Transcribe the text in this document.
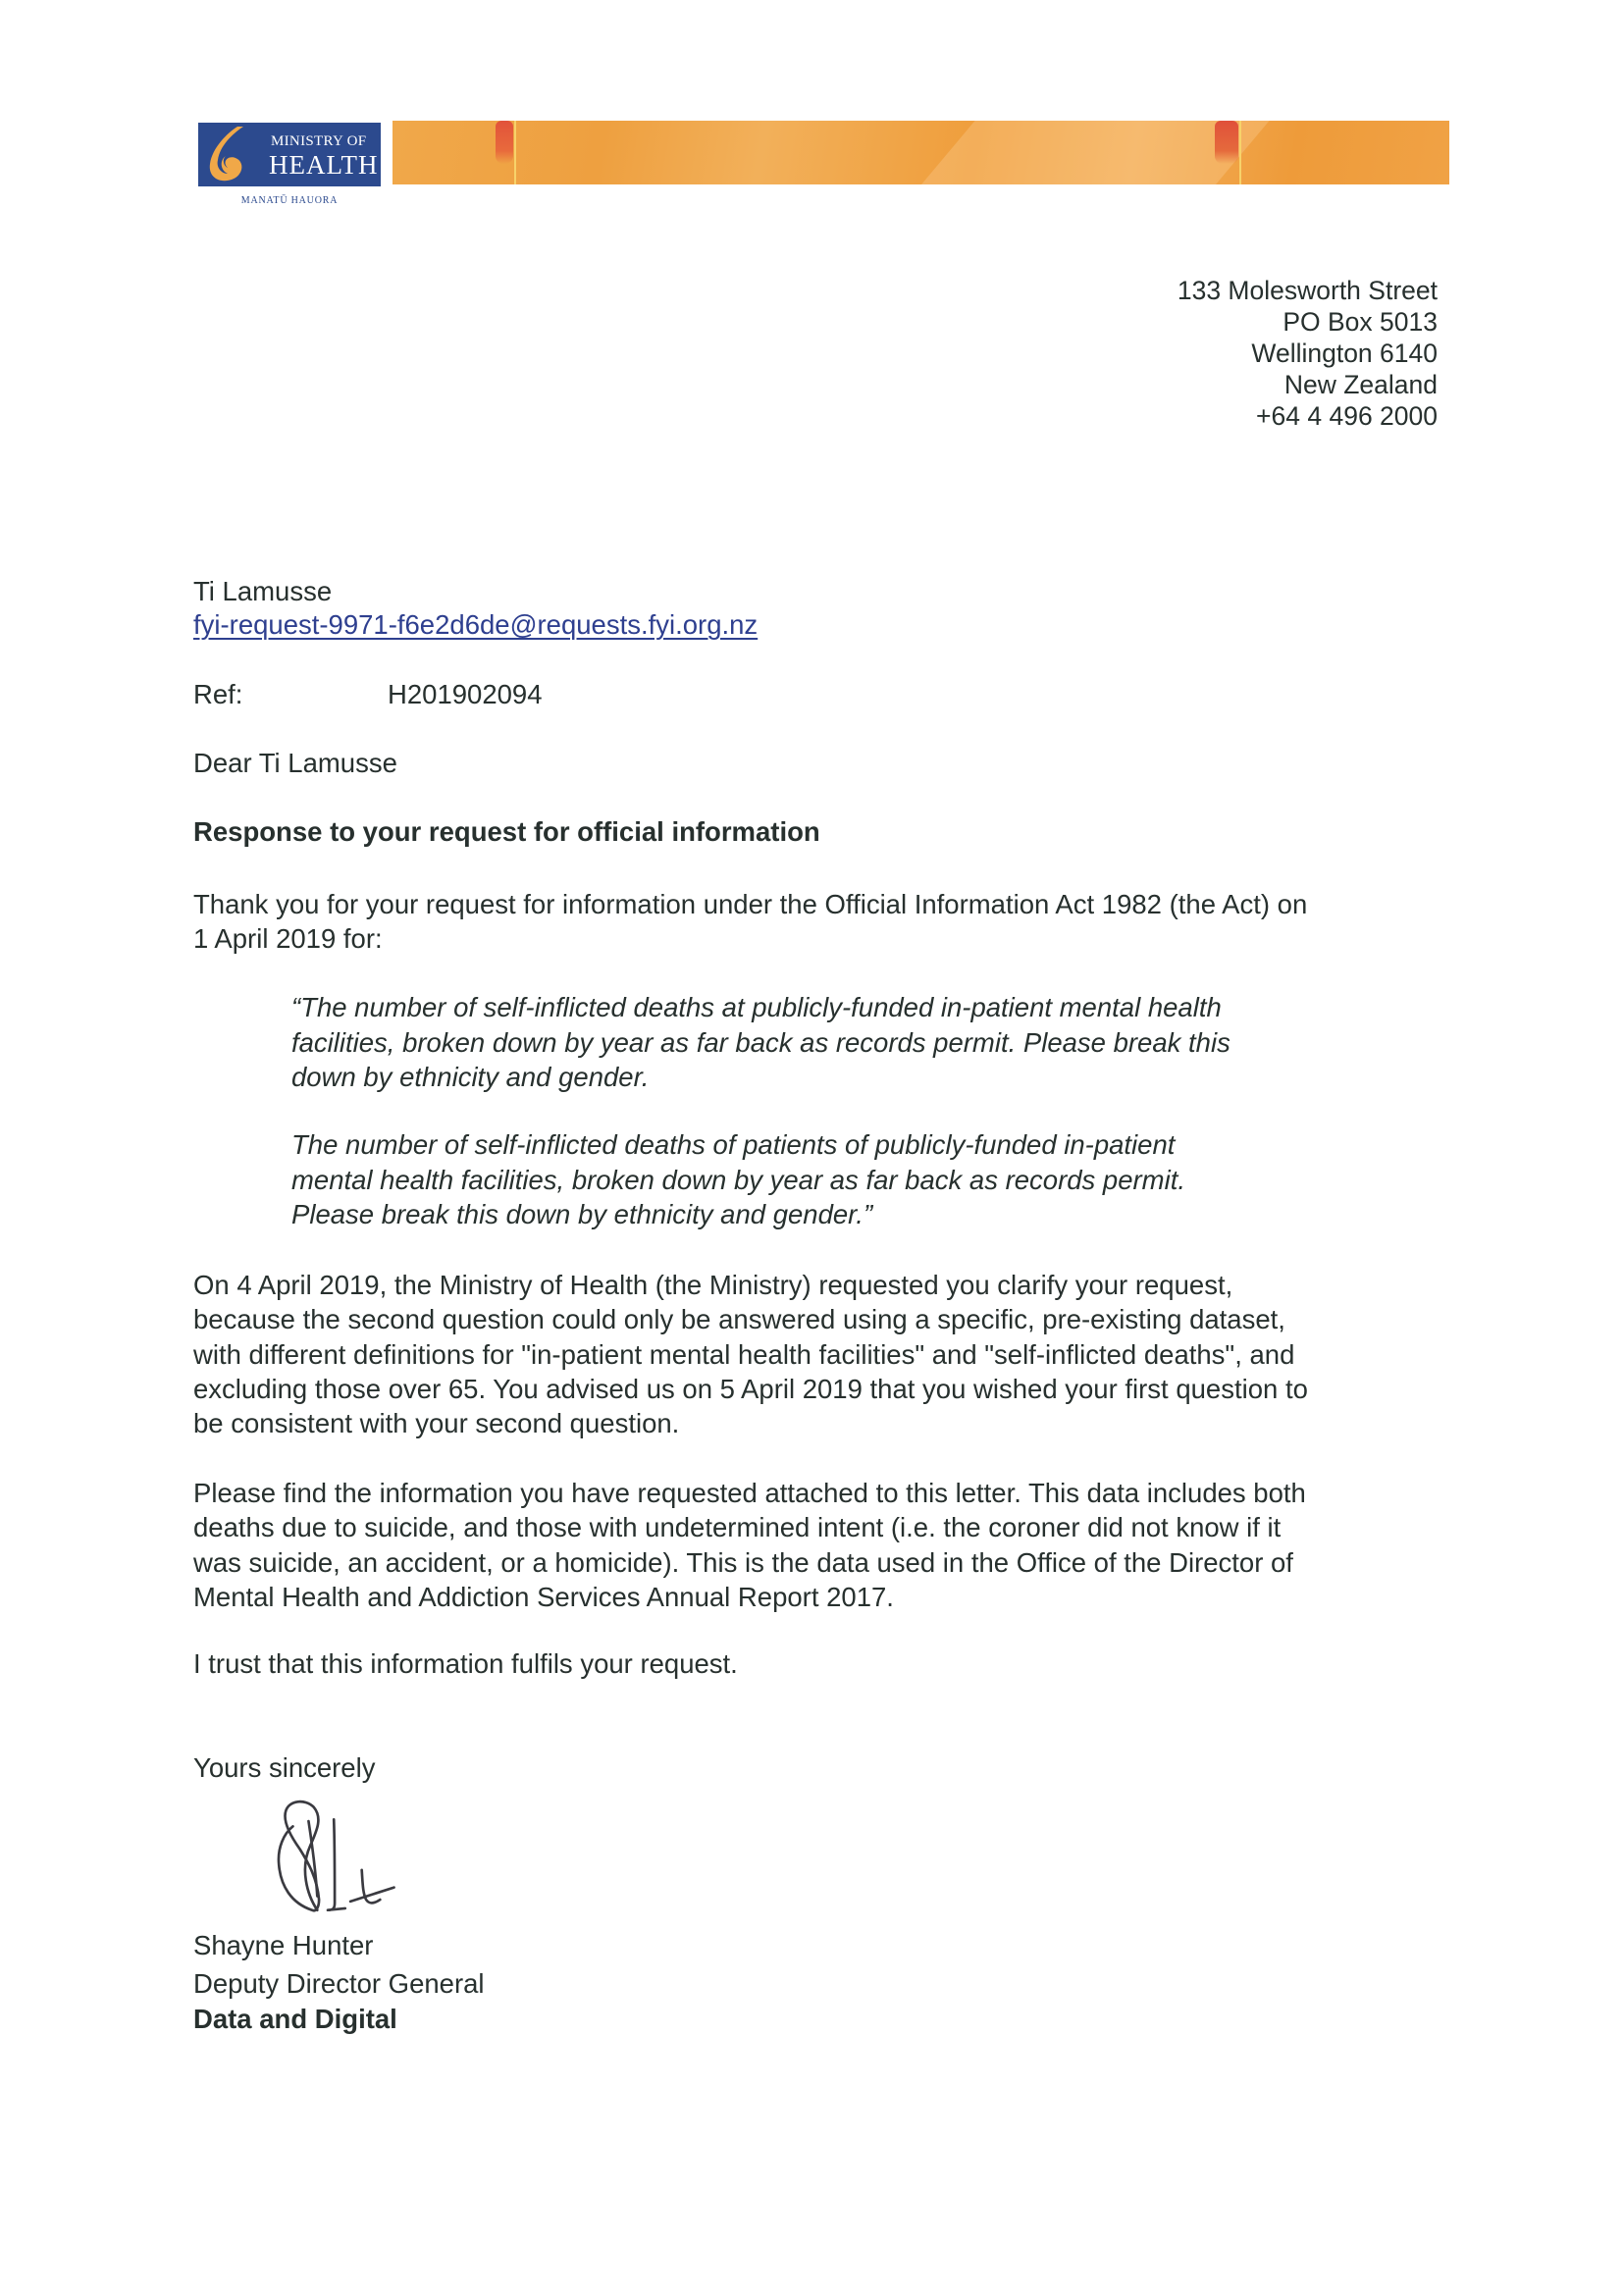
MINISTRY OF
HEALTH
MANATŪ HAUORA
133 Molesworth Street
PO Box 5013
Wellington 6140
New Zealand
+64 4 496 2000
Ti Lamusse
fyi-request-9971-f6e2d6de@requests.fyi.org.nz
Ref:	H201902094
Dear Ti Lamusse
Response to your request for official information
Thank you for your request for information under the Official Information Act 1982 (the Act) on
1 April 2019 for:
“The number of self-inflicted deaths at publicly-funded in-patient mental health
facilities, broken down by year as far back as records permit. Please break this
down by ethnicity and gender.
The number of self-inflicted deaths of patients of publicly-funded in-patient
mental health facilities, broken down by year as far back as records permit.
Please break this down by ethnicity and gender.”
On 4 April 2019, the Ministry of Health (the Ministry) requested you clarify your request,
because the second question could only be answered using a specific, pre-existing dataset,
with different definitions for "in-patient mental health facilities" and "self-inflicted deaths", and
excluding those over 65. You advised us on 5 April 2019 that you wished your first question to
be consistent with your second question.
Please find the information you have requested attached to this letter. This data includes both
deaths due to suicide, and those with undetermined intent (i.e. the coroner did not know if it
was suicide, an accident, or a homicide). This is the data used in the Office of the Director of
Mental Health and Addiction Services Annual Report 2017.
I trust that this information fulfils your request.
Yours sincerely
Shayne Hunter
Deputy Director General
Data and Digital
